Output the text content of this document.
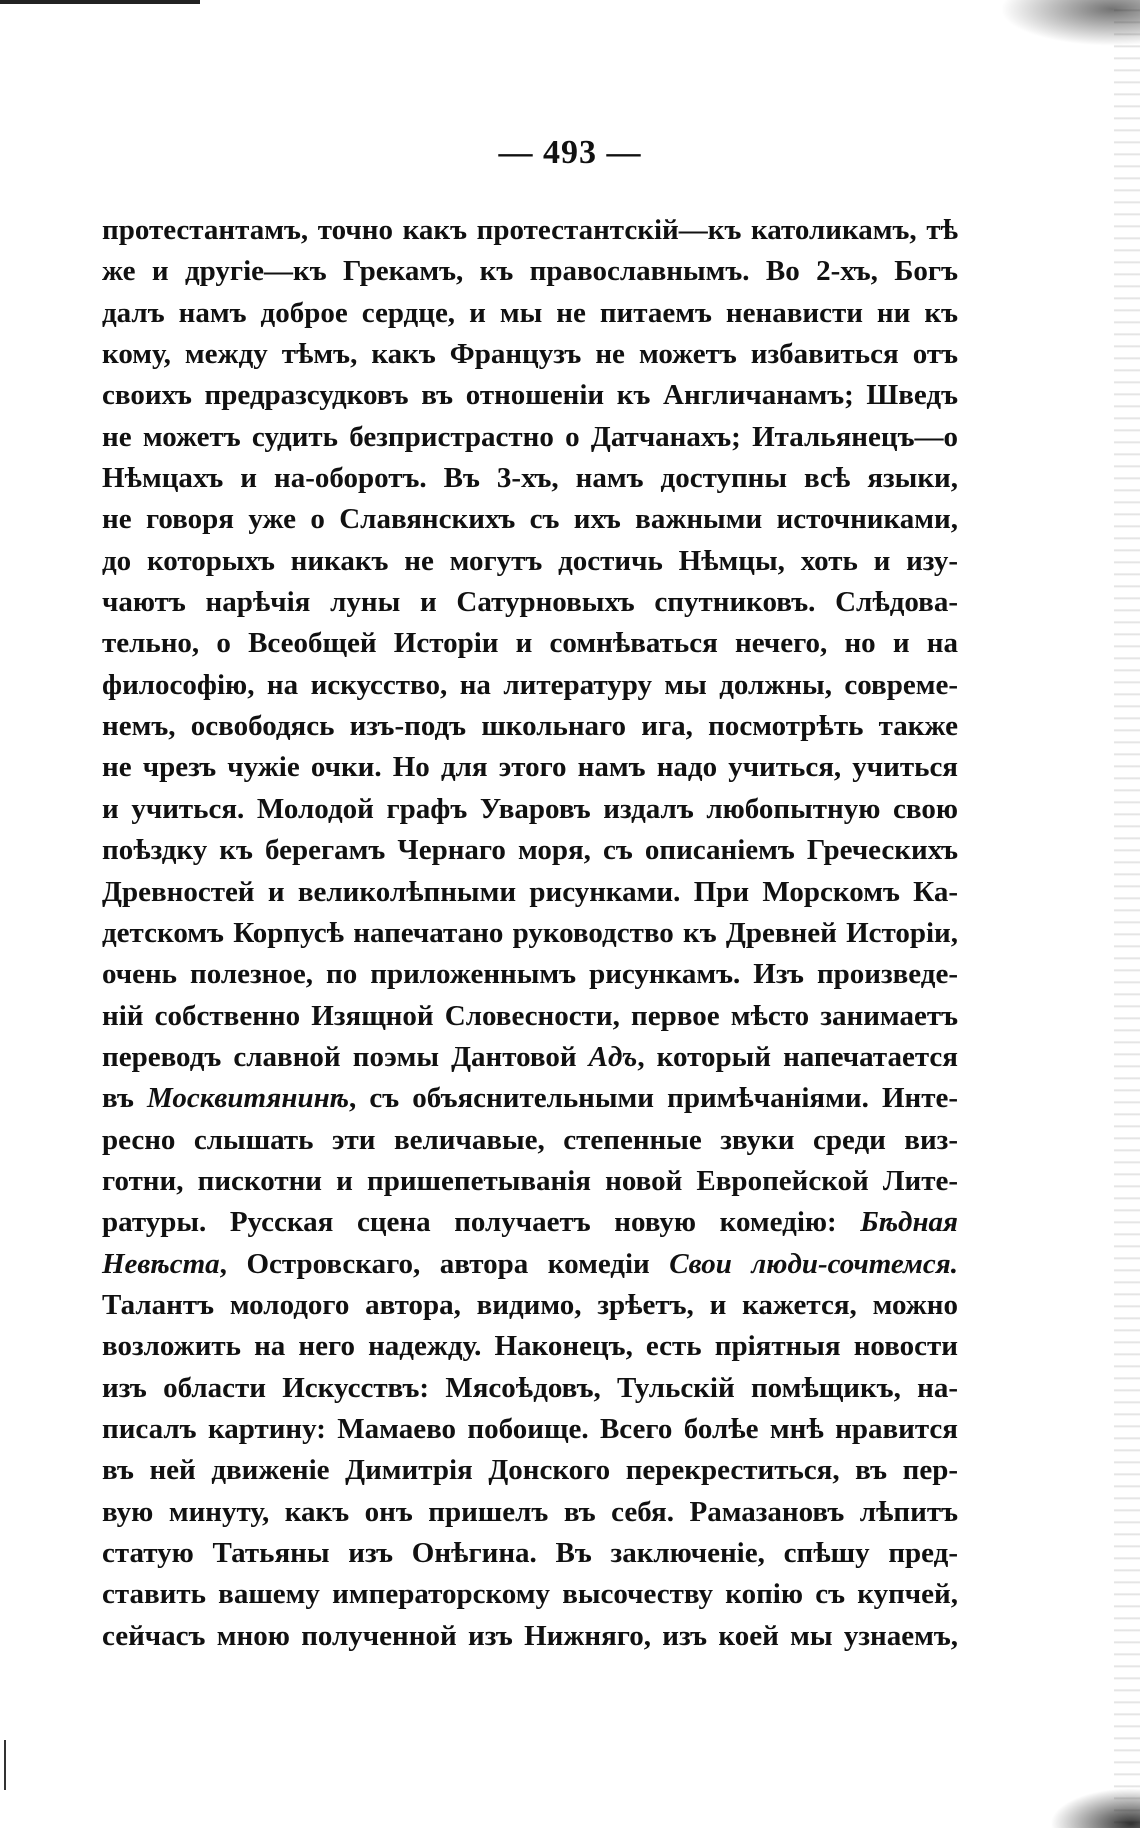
— 493 —
протестантамъ, точно какъ протестантскій—къ католикамъ, тѣ
же и другіе—къ Грекамъ, къ православнымъ. Во 2-хъ, Богъ
далъ намъ доброе сердце, и мы не питаемъ ненависти ни къ
кому, между тѣмъ, какъ Французъ не можетъ избавиться отъ
своихъ предразсудковъ въ отношеніи къ Англичанамъ; Шведъ
не можетъ судить безпристрастно о Датчанахъ; Итальянецъ—о
Нѣмцахъ и на-оборотъ. Въ 3-хъ, намъ доступны всѣ языки,
не говоря уже о Славянскихъ съ ихъ важными источниками,
до которыхъ никакъ не могутъ достичь Нѣмцы, хоть и изу-
чаютъ нарѣчія луны и Сатурновыхъ спутниковъ. Слѣдова-
тельно, о Всеобщей Исторіи и сомнѣваться нечего, но и на
философію, на искусство, на литературу мы должны, совреме-
немъ, освободясь изъ-подъ школьнаго ига, посмотрѣть также
не чрезъ чужіе очки. Но для этого намъ надо учиться, учиться
и учиться. Молодой графъ Уваровъ издалъ любопытную свою
поѣздку къ берегамъ Чернаго моря, съ описаніемъ Греческихъ
Древностей и великолѣпными рисунками. При Морскомъ Ка-
детскомъ Корпусѣ напечатано руководство къ Древней Исторіи,
очень полезное, по приложеннымъ рисункамъ. Изъ произведе-
ній собственно Изящной Словесности, первое мѣсто занимаетъ
переводъ славной поэмы Дантовой Адъ, который напечатается
въ Москвитянинѣ, съ объяснительными примѣчаніями. Инте-
ресно слышать эти величавые, степенные звуки среди виз-
готни, пискотни и пришепетыванія новой Европейской Лите-
ратуры. Русская сцена получаетъ новую комедію: Бѣдная
Невѣста, Островскаго, автора комедіи Свои люди-сочтемся.
Талантъ молодого автора, видимо, зрѣетъ, и кажется, можно
возложить на него надежду. Наконецъ, есть пріятныя новости
изъ области Искусствъ: Мясоѣдовъ, Тульскій помѣщикъ, на-
писалъ картину: Мамаево побоище. Всего болѣе мнѣ нравится
въ ней движеніе Димитрія Донского перекреститься, въ пер-
вую минуту, какъ онъ пришелъ въ себя. Рамазановъ лѣпитъ
статую Татьяны изъ Онѣгина. Въ заключеніе, спѣшу пред-
ставить вашему императорскому высочеству копію съ купчей,
сейчасъ мною полученной изъ Нижняго, изъ коей мы узнаемъ,
